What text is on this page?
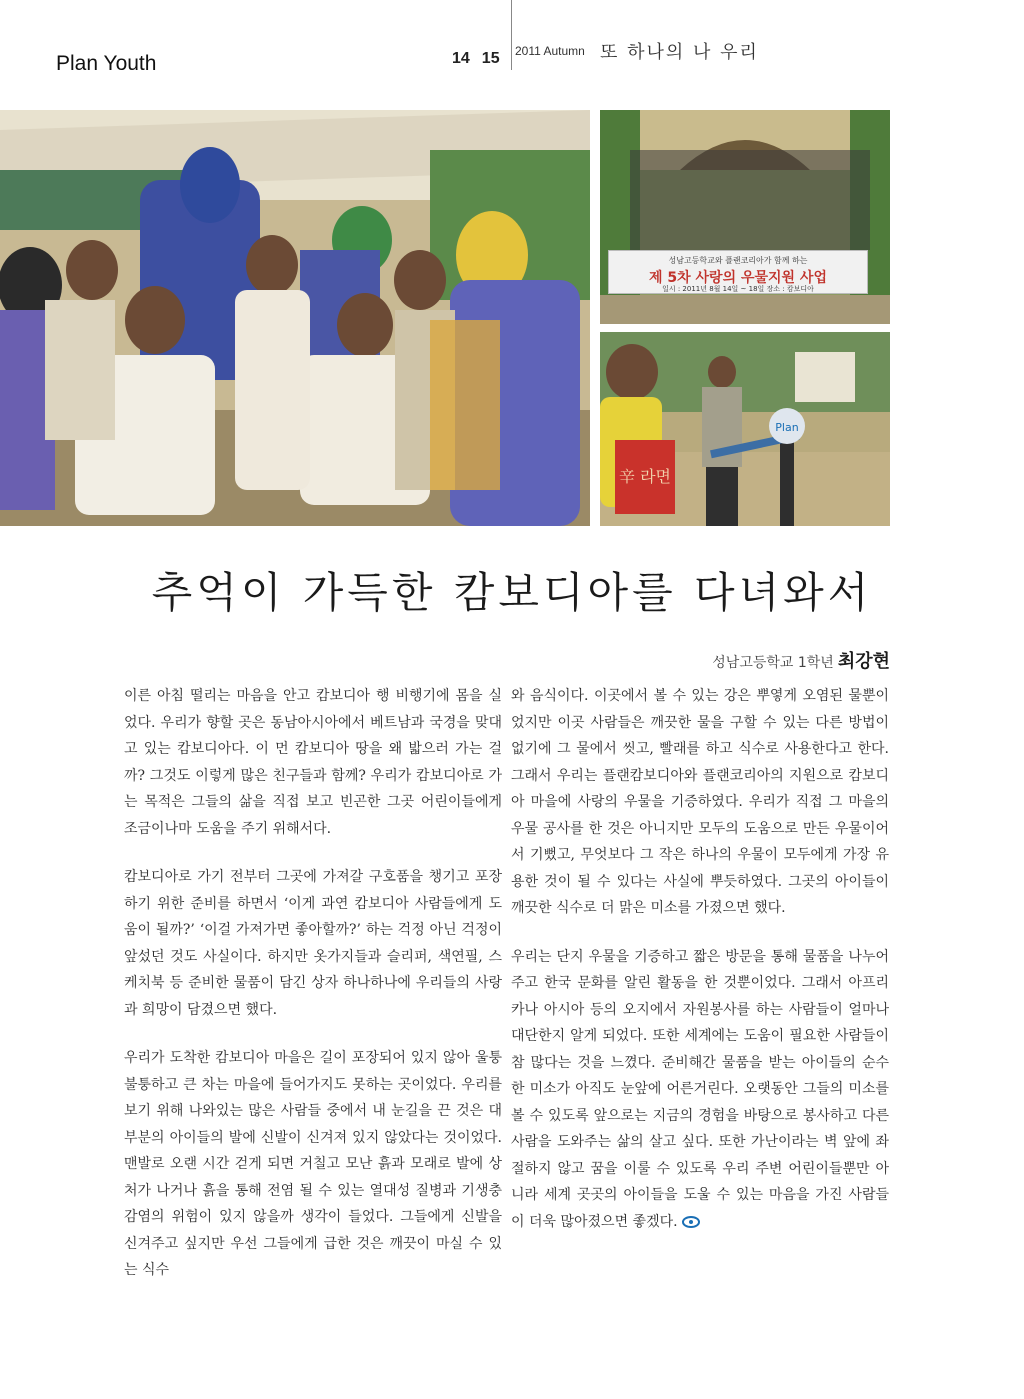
Plan Youth	14 15	2011 Autumn 또 하나의 나 우리
성남고등학교와 플랜코리아가 함께 하는
제 5차 사랑의 우물지원 사업
일시 : 2011년 8월 14일 ~ 18일 장소 : 캄보디아
辛 라면
Plan
추억이 가득한 캄보디아를 다녀와서
성남고등학교 1학년 최강현

이른 아침 떨리는 마음을 안고 캄보디아 행 비행기에 몸을 실었다. 우리가 향할 곳은 동남아시아에서 베트남과 국경을 맞대고 있는 캄보디아다. 이 먼 캄보디아 땅을 왜 밟으러 가는 걸까? 그것도 이렇게 많은 친구들과 함께? 우리가 캄보디아로 가는 목적은 그들의 삶을 직접 보고 빈곤한 그곳 어린이들에게 조금이나마 도움을 주기 위해서다.

캄보디아로 가기 전부터 그곳에 가져갈 구호품을 챙기고 포장하기 위한 준비를 하면서 ‘이게 과연 캄보디아 사람들에게 도움이 될까?’ ‘이걸 가져가면 좋아할까?’ 하는 걱정 아닌 걱정이 앞섰던 것도 사실이다. 하지만 옷가지들과 슬리퍼, 색연필, 스케치북 등 준비한 물품이 담긴 상자 하나하나에 우리들의 사랑과 희망이 담겼으면 했다.

우리가 도착한 캄보디아 마을은 길이 포장되어 있지 않아 울퉁불퉁하고 큰 차는 마을에 들어가지도 못하는 곳이었다. 우리를 보기 위해 나와있는 많은 사람들 중에서 내 눈길을 끈 것은 대부분의 아이들의 발에 신발이 신겨져 있지 않았다는 것이었다. 맨발로 오랜 시간 걷게 되면 거칠고 모난 흙과 모래로 발에 상처가 나거나 흙을 통해 전염 될 수 있는 열대성 질병과 기생충 감염의 위험이 있지 않을까 생각이 들었다. 그들에게 신발을 신겨주고 싶지만 우선 그들에게 급한 것은 깨끗이 마실 수 있는 식수

와 음식이다. 이곳에서 볼 수 있는 강은 뿌옇게 오염된 물뿐이었지만 이곳 사람들은 깨끗한 물을 구할 수 있는 다른 방법이 없기에 그 물에서 씻고, 빨래를 하고 식수로 사용한다고 한다. 그래서 우리는 플랜캄보디아와 플랜코리아의 지원으로 캄보디아 마을에 사랑의 우물을 기증하였다. 우리가 직접 그 마을의 우물 공사를 한 것은 아니지만 모두의 도움으로 만든 우물이어서 기뻤고, 무엇보다 그 작은 하나의 우물이 모두에게 가장 유용한 것이 될 수 있다는 사실에 뿌듯하였다. 그곳의 아이들이 깨끗한 식수로 더 맑은 미소를 가졌으면 했다.

우리는 단지 우물을 기증하고 짧은 방문을 통해 물품을 나누어주고 한국 문화를 알린 활동을 한 것뿐이었다. 그래서 아프리카나 아시아 등의 오지에서 자원봉사를 하는 사람들이 얼마나 대단한지 알게 되었다. 또한 세계에는 도움이 필요한 사람들이 참 많다는 것을 느꼈다. 준비해간 물품을 받는 아이들의 순수한 미소가 아직도 눈앞에 어른거린다. 오랫동안 그들의 미소를 볼 수 있도록 앞으로는 지금의 경험을 바탕으로 봉사하고 다른 사람을 도와주는 삶의 살고 싶다. 또한 가난이라는 벽 앞에 좌절하지 않고 꿈을 이룰 수 있도록 우리 주변 어린이들뿐만 아니라 세계 곳곳의 아이들을 도울 수 있는 마음을 가진 사람들이 더욱 많아졌으면 좋겠다.
